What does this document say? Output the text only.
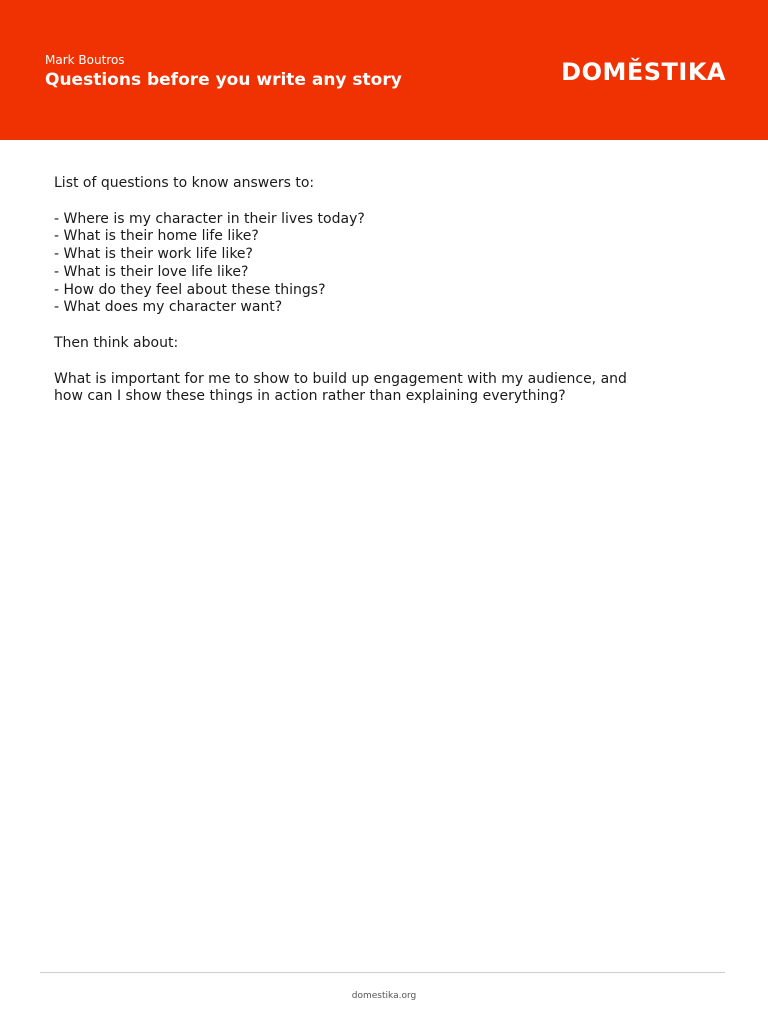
Mark Boutros
Questions before you write any story	DOMĚSTIKA

List of questions to know answers to:

- Where is my character in their lives today?
- What is their home life like?
- What is their work life like?
- What is their love life like?
- How do they feel about these things?
- What does my character want?

Then think about:

What is important for me to show to build up engagement with my audience, and

how can I show these things in action rather than explaining everything?

domestika.org
